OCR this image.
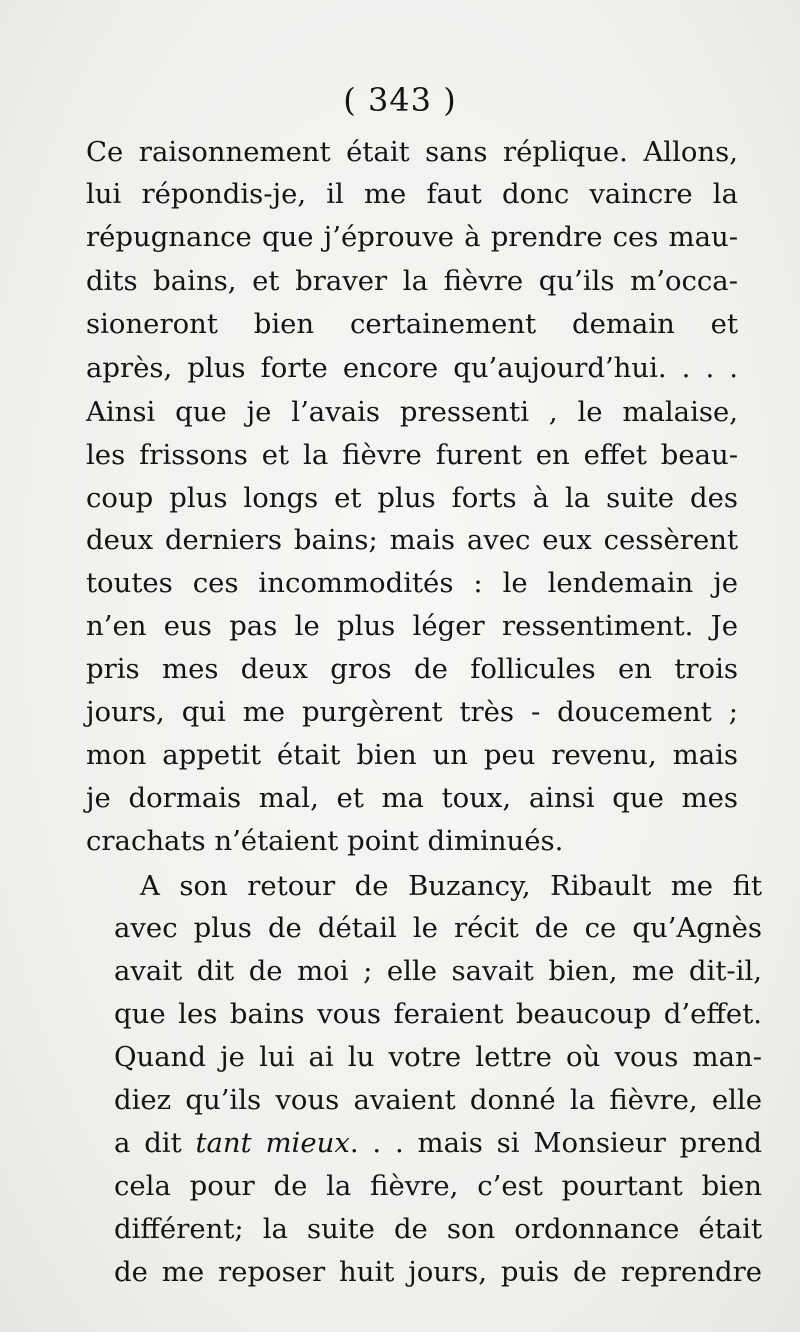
( 343 )
Ce raisonnement était sans réplique. Allons,
lui répondis-je, il me faut donc vaincre la
répugnance que j’éprouve à prendre ces mau-
dits bains, et braver la fièvre qu’ils m’occa-
sioneront bien certainement demain et
après, plus forte encore qu’aujourd’hui. . . .
Ainsi que je l’avais pressenti , le malaise,
les frissons et la fièvre furent en effet beau-
coup plus longs et plus forts à la suite des
deux derniers bains; mais avec eux cessèrent
toutes ces incommodités : le lendemain je
n’en eus pas le plus léger ressentiment. Je
pris mes deux gros de follicules en trois
jours, qui me purgèrent très - doucement ;
mon appetit était bien un peu revenu, mais
je dormais mal, et ma toux, ainsi que mes
crachats n’étaient point diminués.
A son retour de Buzancy, Ribault me fit
avec plus de détail le récit de ce qu’Agnès
avait dit de moi ; elle savait bien, me dit-il,
que les bains vous feraient beaucoup d’effet.
Quand je lui ai lu votre lettre où vous man-
diez qu’ils vous avaient donné la fièvre, elle
a dit tant mieux. . . mais si Monsieur prend
cela pour de la fièvre, c’est pourtant bien
différent; la suite de son ordonnance était
de me reposer huit jours, puis de reprendre
